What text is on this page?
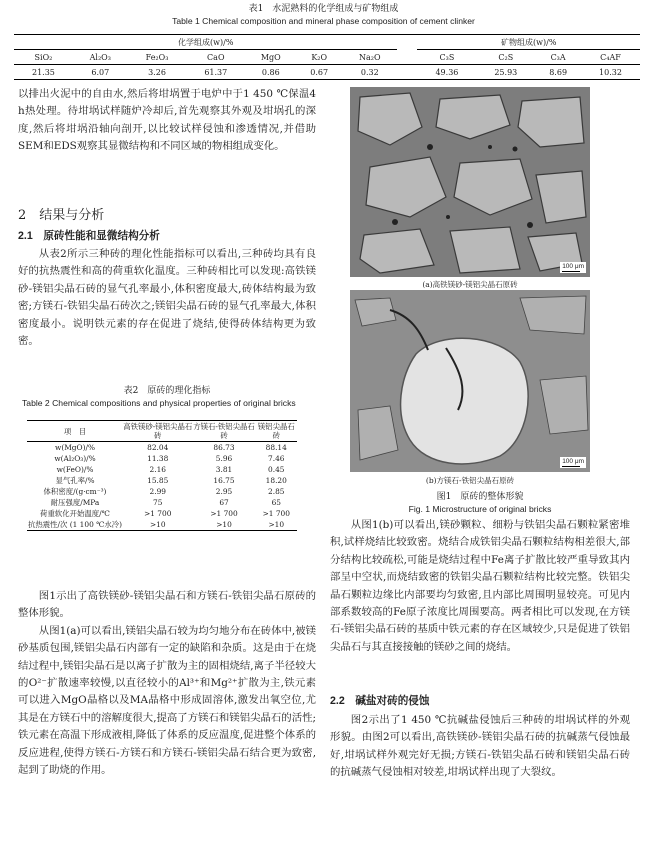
表1　水泥熟料的化学组成与矿物组成
Table 1 Chemical composition and mineral phase composition of cement clinker
化学组成(w)/%								矿物组成(w)/%			
SiO₂	Al₂O₃	Fe₂O₃	CaO	MgO	K₂O	Na₂O		C₃S	C₂S	C₃A	C₄AF
21.35	6.07	3.26	61.37	0.86	0.67	0.32		49.36	25.93	8.69	10.32

以排出火泥中的自由水,然后将坩埚置于电炉中于1 450 ℃保温4 h热处理。待坩埚试样随炉冷却后,首先观察其外观及坩埚孔的深度,然后将坩埚沿轴向剖开,以比较试样侵蚀和渗透情况,并借助SEM和EDS观察其显微结构和不同区域的物相组成变化。

2　结果与分析
2.1　原砖性能和显微结构分析

从表2所示三种砖的理化性能指标可以看出,三种砖均具有良好的抗热震性和高的荷重软化温度。三种砖相比可以发现:高铁镁砂-镁铝尖晶石砖的显气孔率最小,体积密度最大,砖体结构最为致密;方镁石-铁铝尖晶石砖次之;镁铝尖晶石砖的显气孔率最大,体积密度最小。说明铁元素的存在促进了烧结,使得砖体结构更为致密。

表2　原砖的理化指标
Table 2 Chemical compositions and physical properties of original bricks
项　目	高铁镁砂-镁铝尖晶石砖	方镁石-铁铝尖晶石砖	镁铝尖晶石砖
w(MgO)/%	82.04	86.73	88.14
w(Al₂O₃)/%	11.38	5.96	7.46
w(FeO)/%	2.16	3.81	0.45
显气孔率/%	15.85	16.75	18.20
体积密度/(g·cm⁻³)	2.99	2.95	2.85
耐压强度/MPa	75	67	65
荷重软化开始温度/℃	>1 700	>1 700	>1 700
抗热震性/次 (1 100 ℃水冷)	>10	>10	>10

图1示出了高铁镁砂-镁铝尖晶石和方镁石-铁铝尖晶石原砖的整体形貌。

从图1(a)可以看出,镁铝尖晶石较为均匀地分布在砖体中,被镁砂基质包围,镁铝尖晶石内部有一定的缺陷和杂质。这是由于在烧结过程中,镁铝尖晶石是以离子扩散为主的固相烧结,离子半径较大的O²⁻扩散速率较慢,以直径较小的Al³⁺和Mg²⁺扩散为主,铁元素可以进入MgO晶格以及MA晶格中形成固溶体,激发出氧空位,尤其是在方镁石中的溶解度很大,提高了方镁石和镁铝尖晶石的活性;铁元素在高温下形成液相,降低了体系的反应温度,促进整个体系的反应进程,使得方镁石-方镁石和方镁石-镁铝尖晶石结合更为致密,起到了助烧的作用。

100 μm
(a)高铁镁砂-镁铝尖晶石原砖
100 μm
(b)方镁石-铁铝尖晶石原砖
图1　原砖的整体形貌
Fig. 1 Microstructure of original bricks

从图1(b)可以看出,镁砂颗粒、细粉与铁铝尖晶石颗粒紧密堆积,试样烧结比较致密。烧结合成铁铝尖晶石颗粒结构相差很大,部分结构比较疏松,可能是烧结过程中Fe离子扩散比较严重导致其内部呈中空状,而烧结致密的铁铝尖晶石颗粒结构比较完整。铁铝尖晶石颗粒边缘比内部要均匀致密,且内部比周围明显较亮。可见内部系数较高的Fe原子浓度比周围要高。两者相比可以发现,在方镁石-镁铝尖晶石砖的基质中铁元素的存在区域较少,只是促进了铁铝尖晶石与其直接接触的镁砂之间的烧结。

2.2　碱盐对砖的侵蚀

图2示出了1 450 ℃抗碱盐侵蚀后三种砖的坩埚试样的外观形貌。由图2可以看出,高铁镁砂-镁铝尖晶石砖的抗碱蒸气侵蚀最好,坩埚试样外观完好无损;方镁石-铁铝尖晶石砖和镁铝尖晶石砖的抗碱蒸气侵蚀相对较差,坩埚试样出现了大裂纹。
